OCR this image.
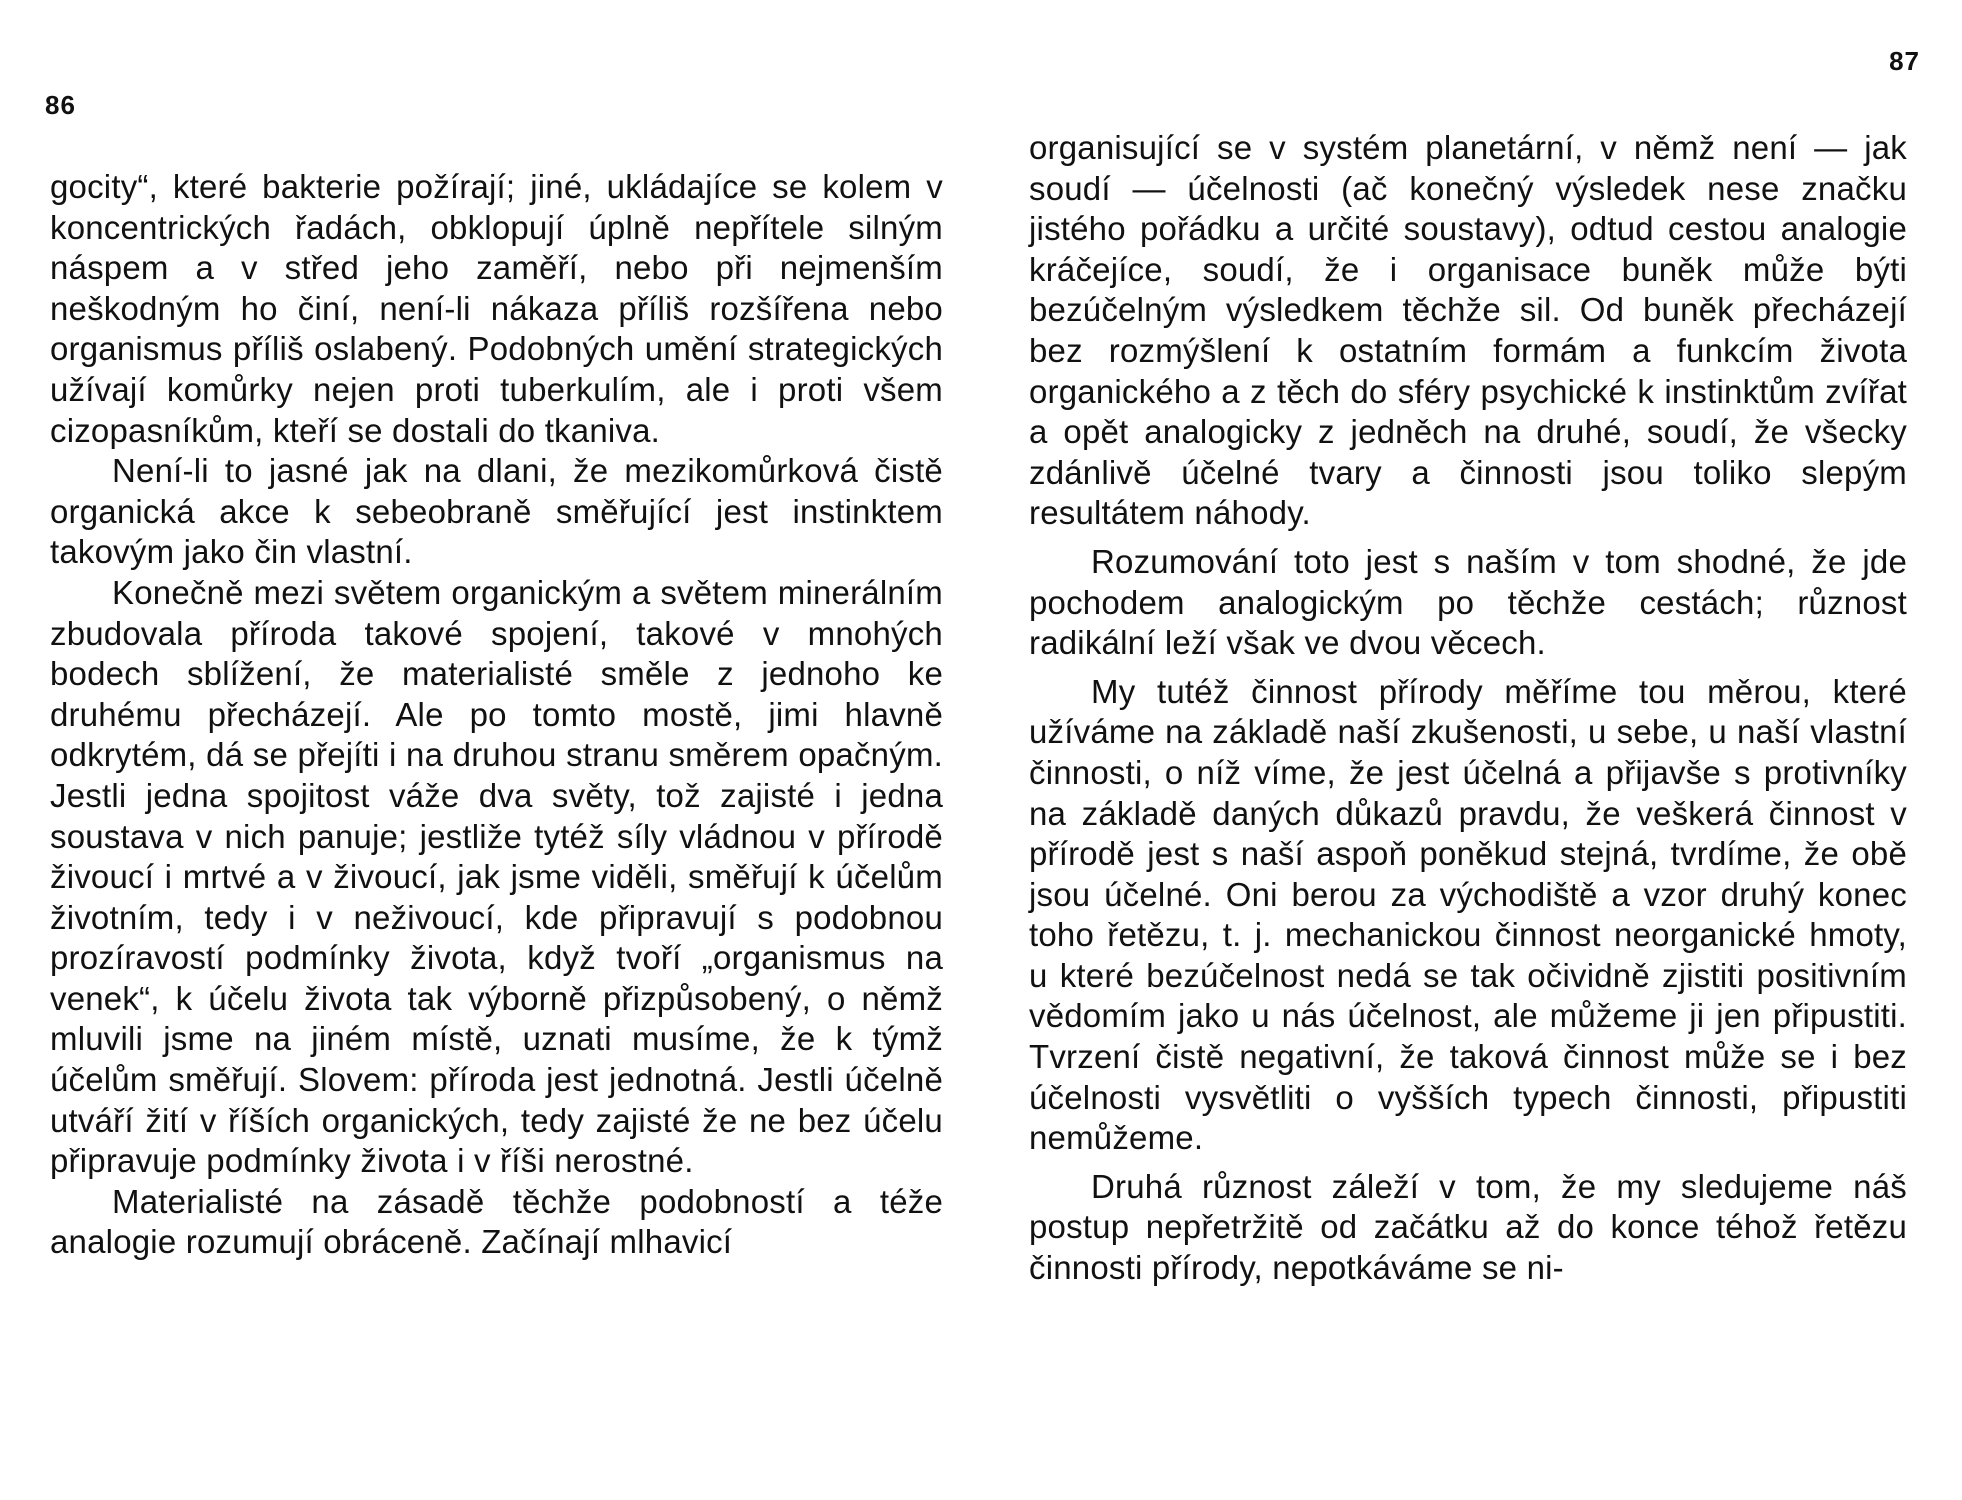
86

gocity“, které bakterie požírají; jiné, ukládajíce se kolem v koncentrických řadách, obklopují úplně nepřítele silným náspem a v střed jeho zaměří, nebo při nejmenším neškodným ho činí, není-li nákaza příliš rozšířena nebo organismus příliš oslabený. Podobných umění strategických užívají komůrky nejen proti tuberkulím, ale i proti všem cizopasníkům, kteří se dostali do tkaniva.

Není-li to jasné jak na dlani, že mezikomůrková čistě organická akce k sebeobraně směřující jest instinktem takovým jako čin vlastní.

Konečně mezi světem organickým a světem minerálním zbudovala příroda takové spojení, takové v mnohých bodech sblížení, že materialisté směle z jednoho ke druhému přecházejí. Ale po tomto mostě, jimi hlavně odkrytém, dá se přejíti i na druhou stranu směrem opačným. Jestli jedna spojitost váže dva světy, tož zajisté i jedna soustava v nich panuje; jestliže tytéž síly vládnou v přírodě živoucí i mrtvé a v živoucí, jak jsme viděli, směřují k účelům životním, tedy i v neživoucí, kde připravují s podobnou prozíravostí podmínky života, když tvoří „organismus na venek“, k účelu života tak výborně přizpůsobený, o němž mluvili jsme na jiném místě, uznati musíme, že k týmž účelům směřují. Slovem: příroda jest jednotná. Jestli účelně utváří žití v říších organických, tedy zajisté že ne bez účelu připravuje podmínky života i v říši nerostné.

Materialisté na zásadě těchže podobností a téže analogie rozumují obráceně. Začínají mlhavicí

87

organisující se v systém planetární, v němž není — jak soudí — účelnosti (ač konečný výsledek nese značku jistého pořádku a určité soustavy), odtud cestou analogie kráčejíce, soudí, že i organisace buněk může býti bezúčelným výsledkem těchže sil. Od buněk přecházejí bez rozmýšlení k ostatním formám a funkcím života organického a z těch do sféry psychické k instinktům zvířat a opět analogicky z jedněch na druhé, soudí, že všecky zdánlivě účelné tvary a činnosti jsou toliko slepým resultátem náhody.

Rozumování toto jest s naším v tom shodné, že jde pochodem analogickým po těchže cestách; různost radikální leží však ve dvou věcech.

My tutéž činnost přírody měříme tou měrou, které užíváme na základě naší zkušenosti, u sebe, u naší vlastní činnosti, o níž víme, že jest účelná a přijavše s protivníky na základě daných důkazů pravdu, že veškerá činnost v přírodě jest s naší aspoň poněkud stejná, tvrdíme, že obě jsou účelné. Oni berou za východiště a vzor druhý konec toho řetězu, t. j. mechanickou činnost neorganické hmoty, u které bezúčelnost nedá se tak očividně zjistiti positivním vědomím jako u nás účelnost, ale můžeme ji jen připustiti. Tvrzení čistě negativní, že taková činnost může se i bez účelnosti vysvětliti o vyšších typech činnosti, připustiti nemůžeme.

Druhá různost záleží v tom, že my sledujeme náš postup nepřetržitě od začátku až do konce téhož řetězu činnosti přírody, nepotkáváme se ni-
